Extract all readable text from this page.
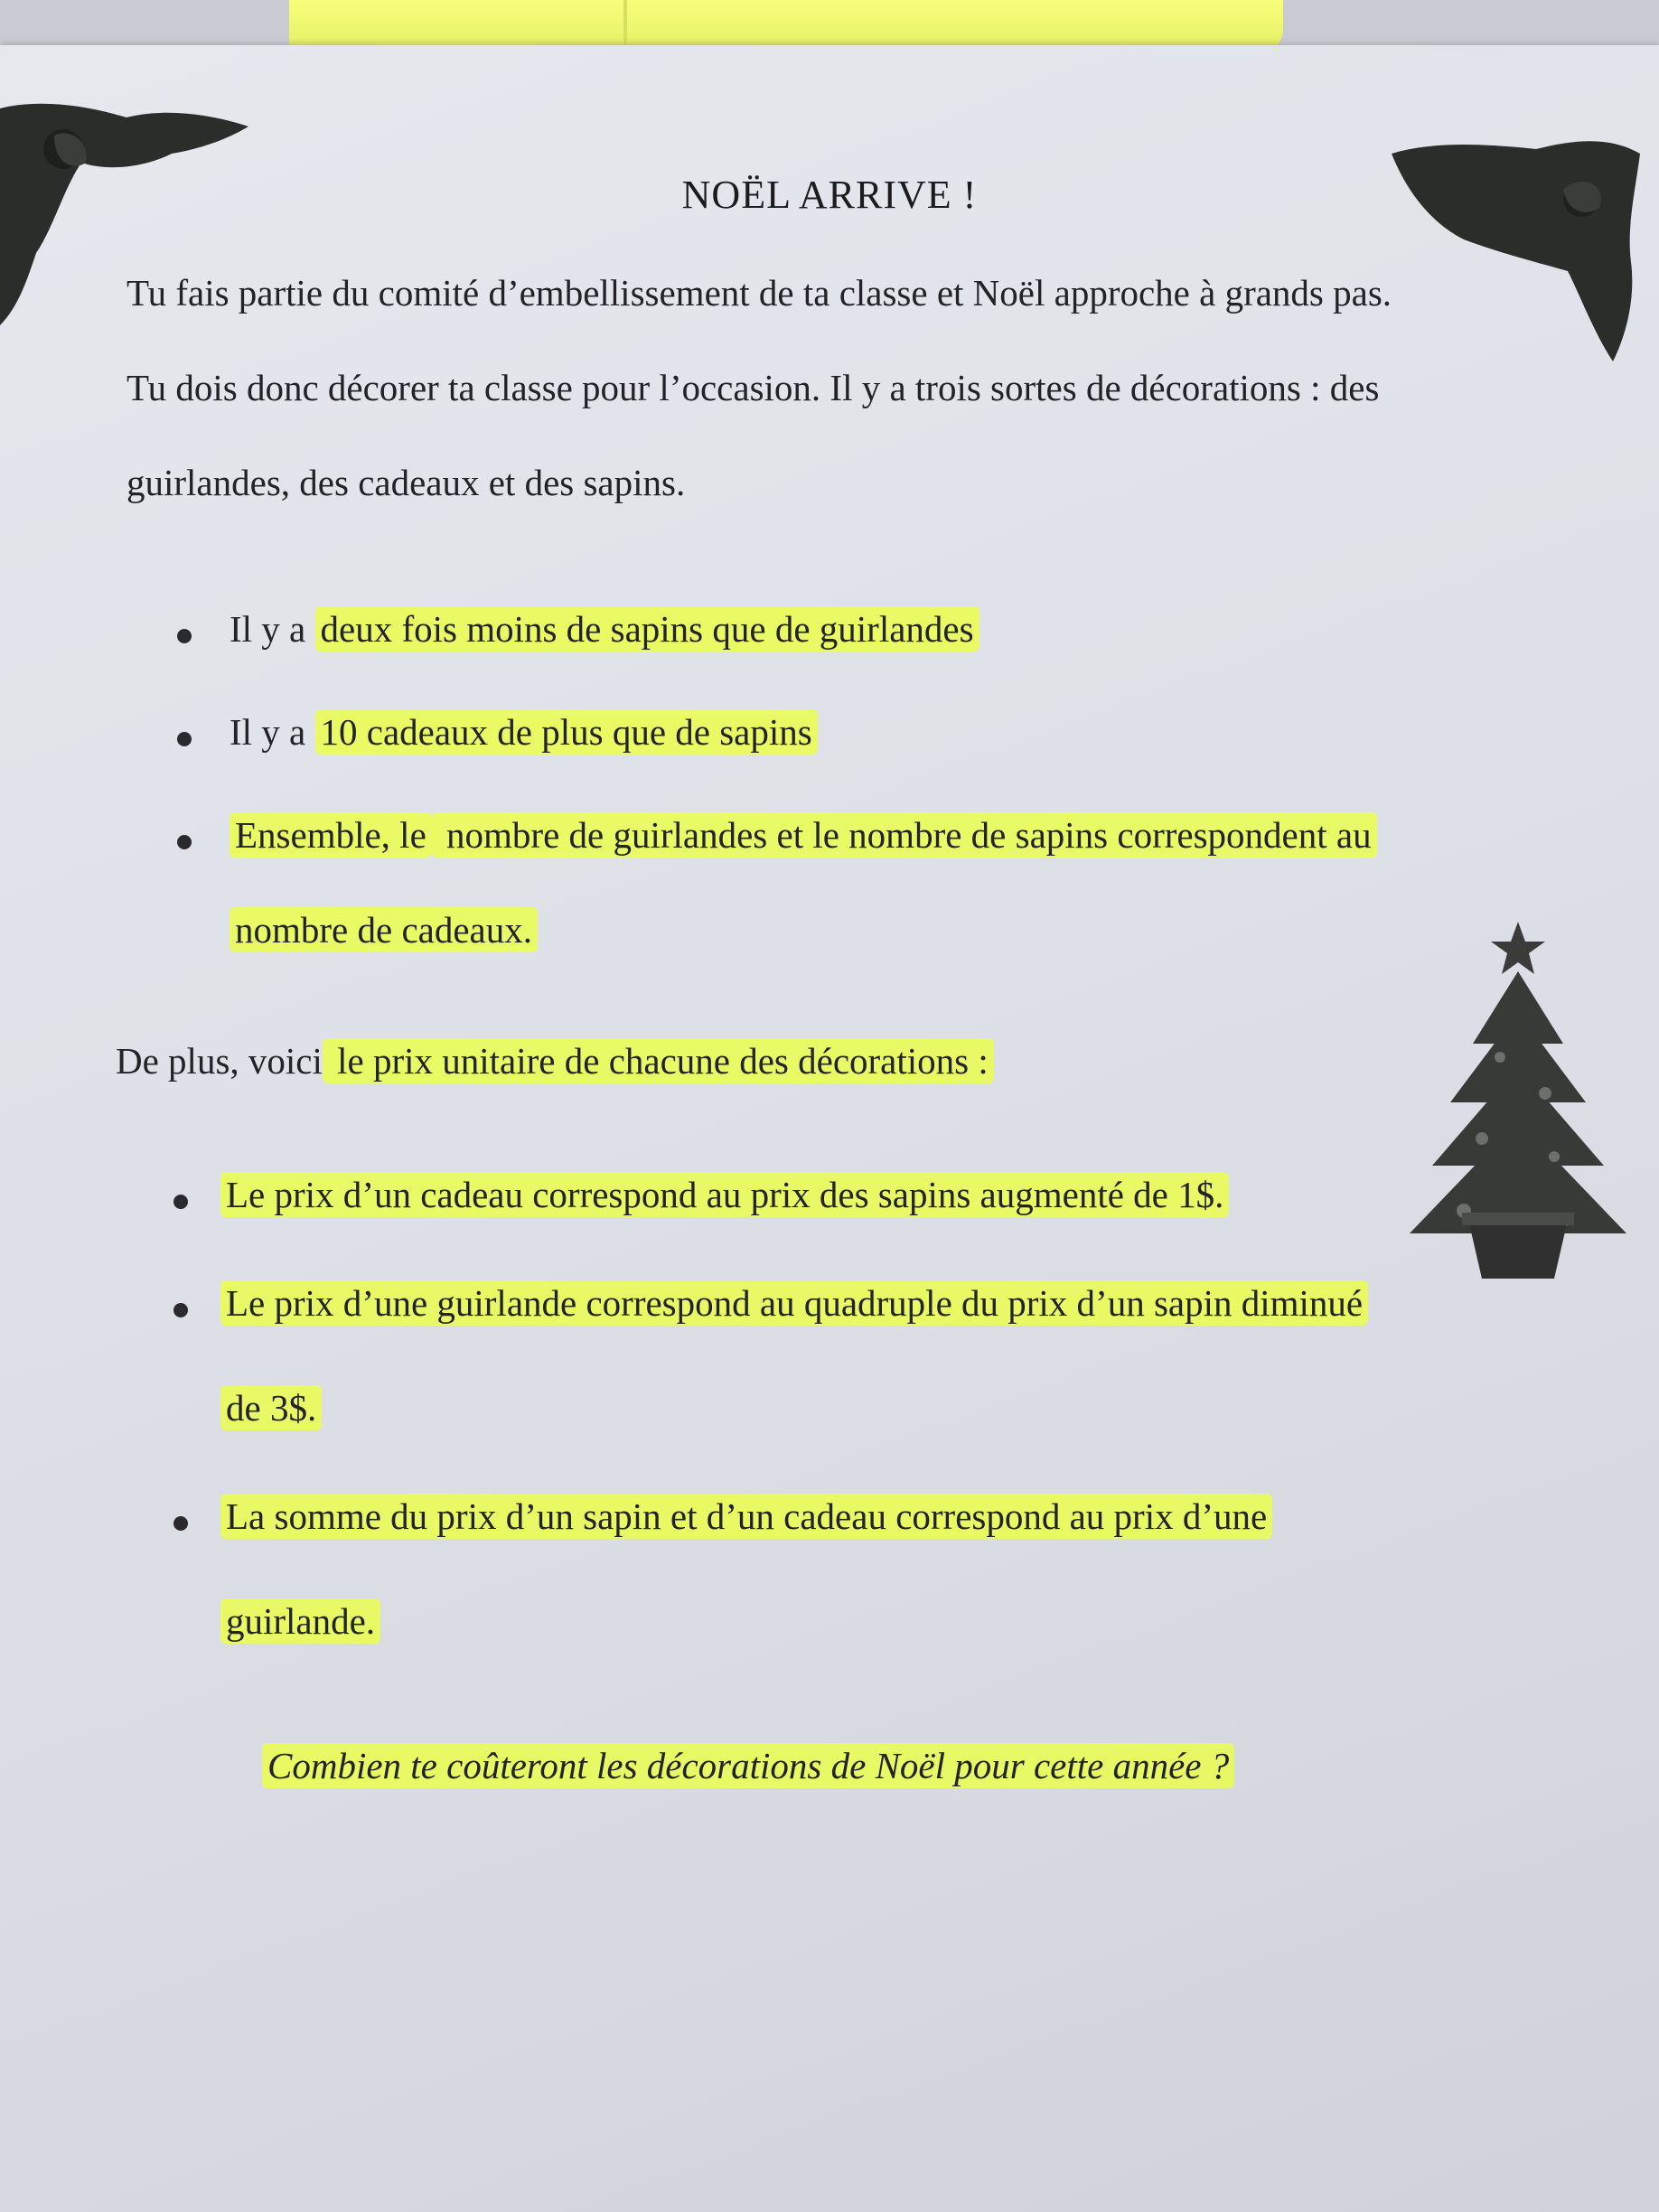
NOËL ARRIVE !
Tu fais partie du comité d’embellissement de ta classe et Noël approche à grands pas.
Tu dois donc décorer ta classe pour l’occasion. Il y a trois sortes de décorations : des
guirlandes, des cadeaux et des sapins.
Il y a deux fois moins de sapins que de guirlandes
Il y a 10 cadeaux de plus que de sapins
Ensemble, le nombre de guirlandes et le nombre de sapins correspondent au
nombre de cadeaux.
De plus, voici le prix unitaire de chacune des décorations :
Le prix d’un cadeau correspond au prix des sapins augmenté de 1$.
Le prix d’une guirlande correspond au quadruple du prix d’un sapin diminué
de 3$.
La somme du prix d’un sapin et d’un cadeau correspond au prix d’une
guirlande.
Combien te coûteront les décorations de Noël pour cette année ?
